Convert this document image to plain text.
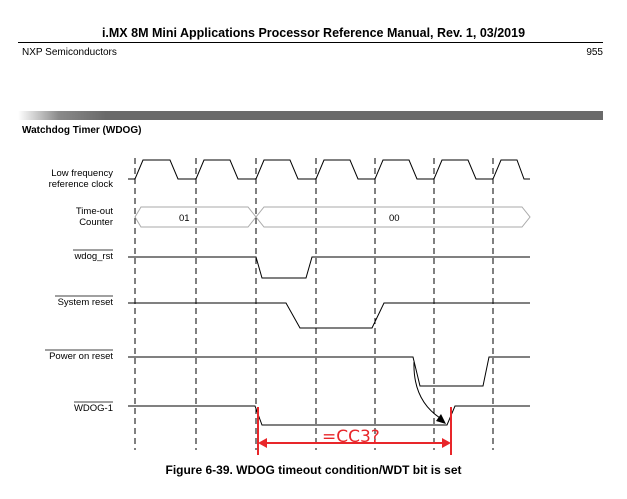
i.MX 8M Mini Applications Processor Reference Manual, Rev. 1, 03/2019
NXP Semiconductors	955
Watchdog Timer (WDOG)
Low frequency
reference clock
Time-out
Counter
wdog_rst
System reset
Power on reset
WDOG-1
01	00
=CC3?
Figure 6-39. WDOG timeout condition/WDT bit is set
